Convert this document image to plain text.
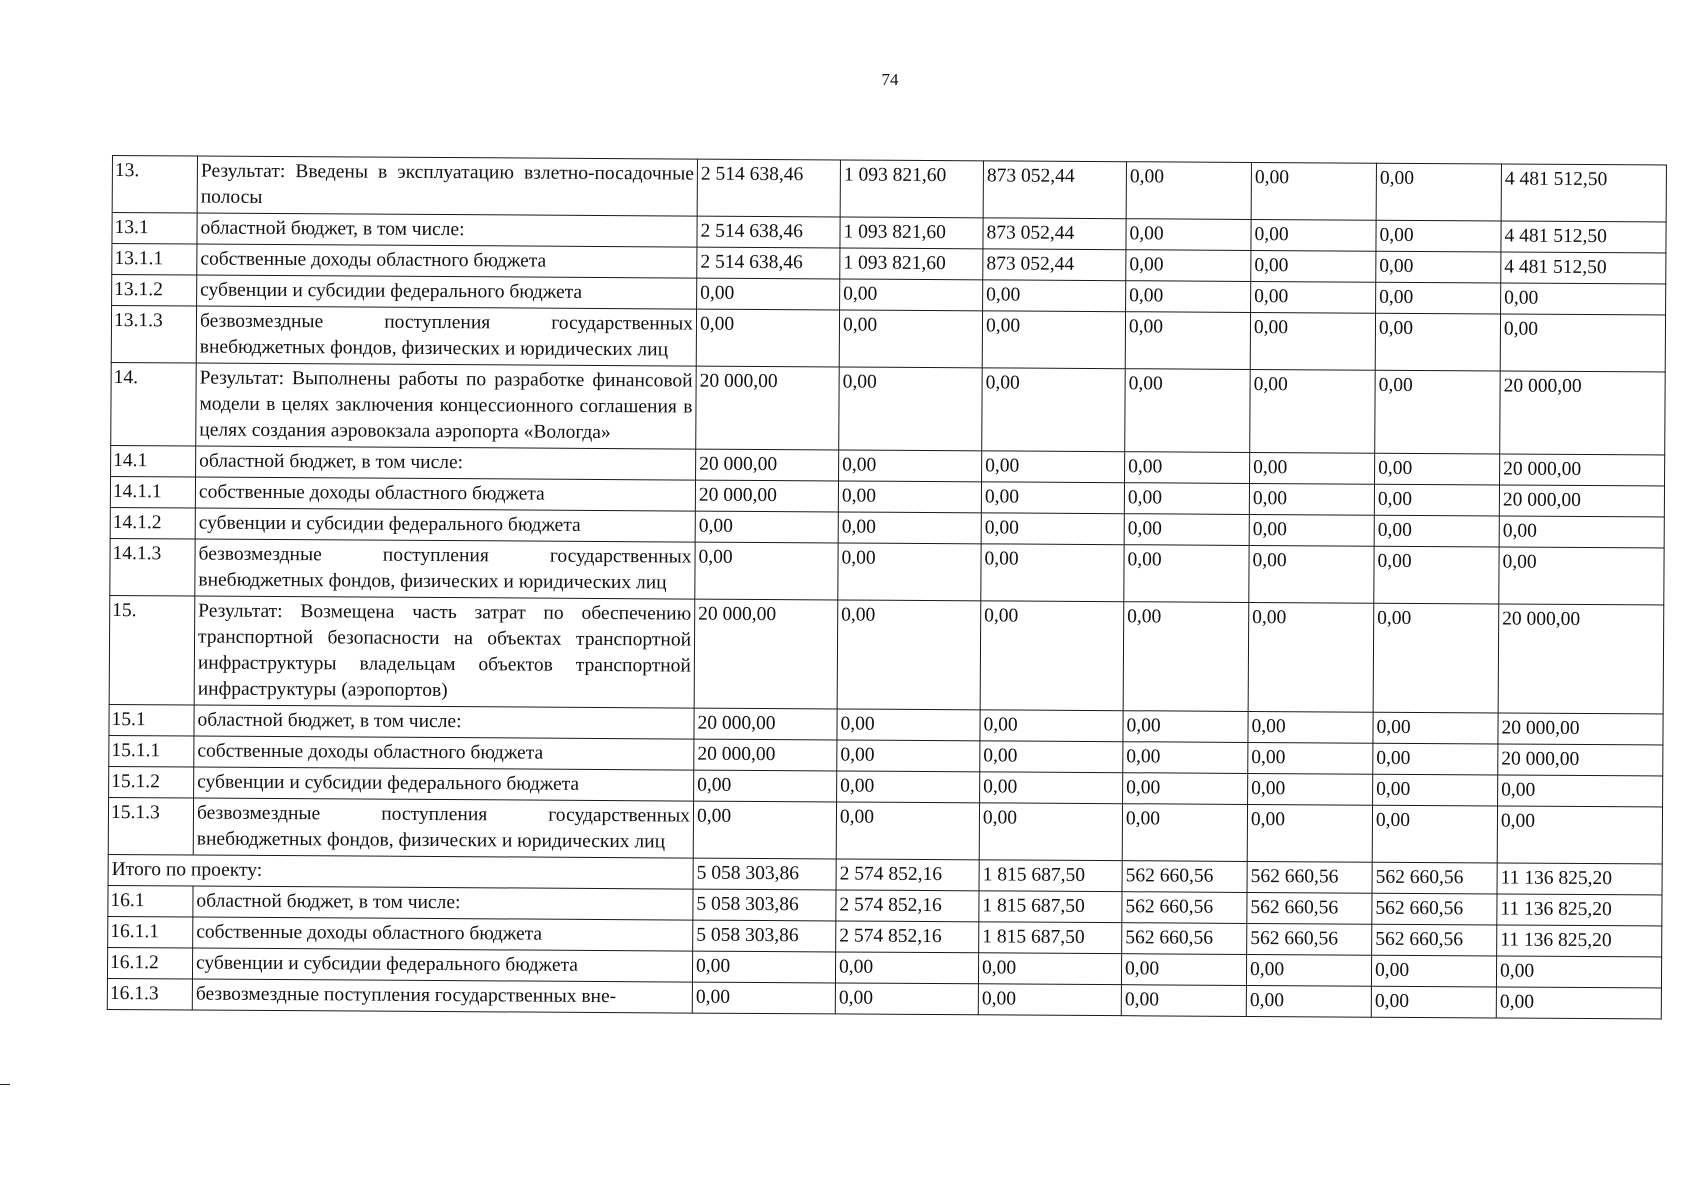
74
13.	Результат: Введены в эксплуатацию взлетно-посадочные полосы	2 514 638,46	1 093 821,60	873 052,44	0,00	0,00	0,00	4 481 512,50
13.1	областной бюджет, в том числе:	2 514 638,46	1 093 821,60	873 052,44	0,00	0,00	0,00	4 481 512,50
13.1.1	собственные доходы областного бюджета	2 514 638,46	1 093 821,60	873 052,44	0,00	0,00	0,00	4 481 512,50
13.1.2	субвенции и субсидии федерального бюджета	0,00	0,00	0,00	0,00	0,00	0,00	0,00
13.1.3	безвозмездные поступления государственных внебюджетных фондов, физических и юридических лиц	0,00	0,00	0,00	0,00	0,00	0,00	0,00
14.	Результат: Выполнены работы по разработке финансовой модели в целях заключения концессионного соглашения в целях создания аэровокзала аэропорта «Вологда»	20 000,00	0,00	0,00	0,00	0,00	0,00	20 000,00
14.1	областной бюджет, в том числе:	20 000,00	0,00	0,00	0,00	0,00	0,00	20 000,00
14.1.1	собственные доходы областного бюджета	20 000,00	0,00	0,00	0,00	0,00	0,00	20 000,00
14.1.2	субвенции и субсидии федерального бюджета	0,00	0,00	0,00	0,00	0,00	0,00	0,00
14.1.3	безвозмездные поступления государственных внебюджетных фондов, физических и юридических лиц	0,00	0,00	0,00	0,00	0,00	0,00	0,00
15.	Результат: Возмещена часть затрат по обеспечению транспортной безопасности на объектах транспортной инфраструктуры владельцам объектов транспортной инфраструктуры (аэропортов)	20 000,00	0,00	0,00	0,00	0,00	0,00	20 000,00
15.1	областной бюджет, в том числе:	20 000,00	0,00	0,00	0,00	0,00	0,00	20 000,00
15.1.1	собственные доходы областного бюджета	20 000,00	0,00	0,00	0,00	0,00	0,00	20 000,00
15.1.2	субвенции и субсидии федерального бюджета	0,00	0,00	0,00	0,00	0,00	0,00	0,00
15.1.3	безвозмездные поступления государственных внебюджетных фондов, физических и юридических лиц	0,00	0,00	0,00	0,00	0,00	0,00	0,00
Итого по проекту:		5 058 303,86	2 574 852,16	1 815 687,50	562 660,56	562 660,56	562 660,56	11 136 825,20
16.1	областной бюджет, в том числе:	5 058 303,86	2 574 852,16	1 815 687,50	562 660,56	562 660,56	562 660,56	11 136 825,20
16.1.1	собственные доходы областного бюджета	5 058 303,86	2 574 852,16	1 815 687,50	562 660,56	562 660,56	562 660,56	11 136 825,20
16.1.2	субвенции и субсидии федерального бюджета	0,00	0,00	0,00	0,00	0,00	0,00	0,00
16.1.3	безвозмездные поступления государственных вне-	0,00	0,00	0,00	0,00	0,00	0,00	0,00
